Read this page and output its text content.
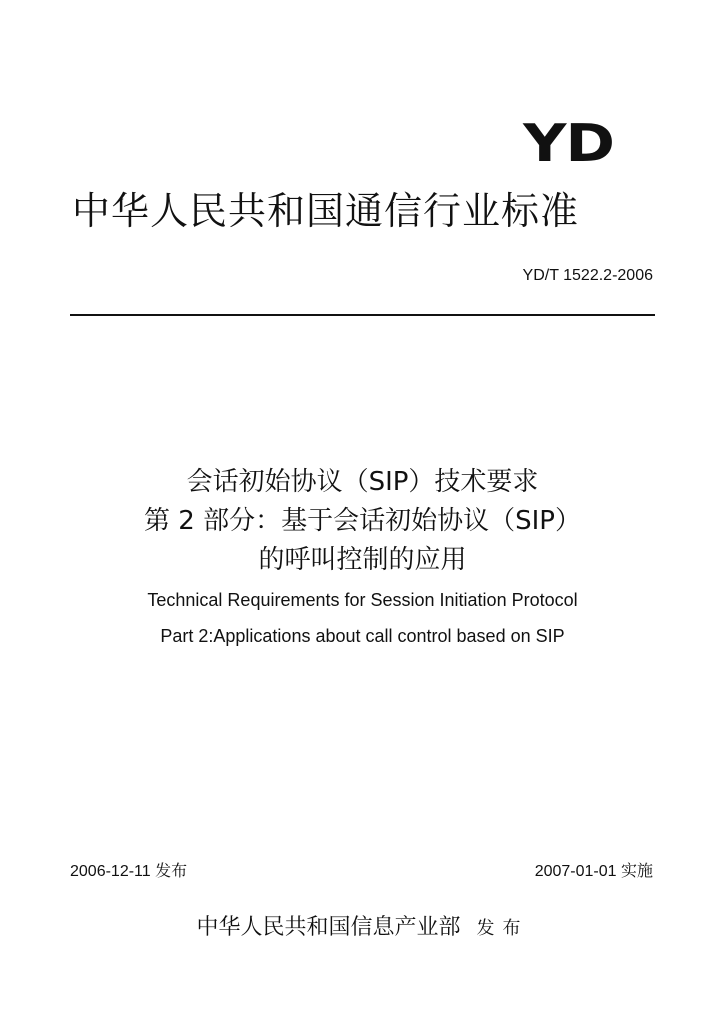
YD
中华人民共和国通信行业标准
YD/T 1522.2-2006
会话初始协议（SIP）技术要求
第 2 部分：基于会话初始协议（SIP）
的呼叫控制的应用
Technical Requirements for Session Initiation Protocol
Part 2:Applications about call control based on SIP
2006-12-11 发布	2007-01-01 实施
中华人民共和国信息产业部 发布
